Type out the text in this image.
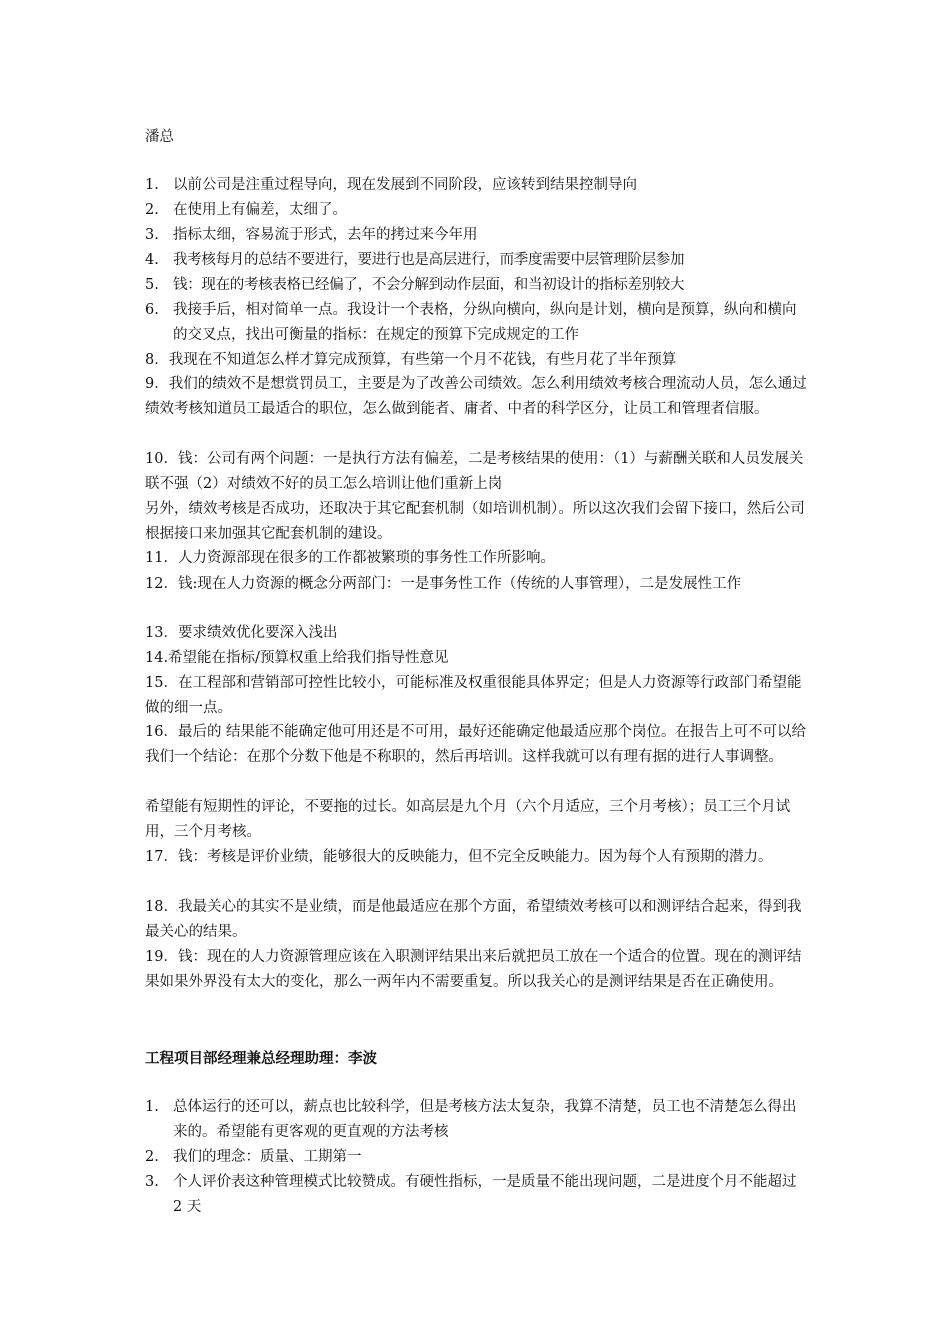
潘总
1. 以前公司是注重过程导向，现在发展到不同阶段，应该转到结果控制导向
2. 在使用上有偏差，太细了。
3. 指标太细，容易流于形式，去年的拷过来今年用
4. 我考核每月的总结不要进行，要进行也是高层进行，而季度需要中层管理阶层参加
5. 钱：现在的考核表格已经偏了，不会分解到动作层面，和当初设计的指标差别较大
6. 我接手后，相对简单一点。我设计一个表格，分纵向横向，纵向是计划，横向是预算，纵向和横向的交叉点，找出可衡量的指标：在规定的预算下完成规定的工作
8．我现在不知道怎么样才算完成预算，有些第一个月不花钱，有些月花了半年预算
9．我们的绩效不是想赏罚员工，主要是为了改善公司绩效。怎么利用绩效考核合理流动人员，怎么通过绩效考核知道员工最适合的职位，怎么做到能者、庸者、中者的科学区分，让员工和管理者信服。
10．钱：公司有两个问题：一是执行方法有偏差，二是考核结果的使用：（1）与薪酬关联和人员发展关联不强（2）对绩效不好的员工怎么培训让他们重新上岗
另外，绩效考核是否成功，还取决于其它配套机制（如培训机制）。所以这次我们会留下接口，然后公司根据接口来加强其它配套机制的建设。
11．人力资源部现在很多的工作都被繁琐的事务性工作所影响。
12．钱:现在人力资源的概念分两部门：一是事务性工作（传统的人事管理），二是发展性工作
13．要求绩效优化要深入浅出
14.希望能在指标/预算权重上给我们指导性意见
15．在工程部和营销部可控性比较小，可能标准及权重很能具体界定；但是人力资源等行政部门希望能做的细一点。
16．最后的 结果能不能确定他可用还是不可用，最好还能确定他最适应那个岗位。在报告上可不可以给我们一个结论：在那个分数下他是不称职的，然后再培训。这样我就可以有理有据的进行人事调整。
希望能有短期性的评论，不要拖的过长。如高层是九个月（六个月适应，三个月考核）；员工三个月试用，三个月考核。
17．钱：考核是评价业绩，能够很大的反映能力，但不完全反映能力。因为每个人有预期的潜力。
18．我最关心的其实不是业绩，而是他最适应在那个方面，希望绩效考核可以和测评结合起来，得到我最关心的结果。
19．钱：现在的人力资源管理应该在入职测评结果出来后就把员工放在一个适合的位置。现在的测评结果如果外界没有太大的变化，那么一两年内不需要重复。所以我关心的是测评结果是否在正确使用。
工程项目部经理兼总经理助理：李波
1. 总体运行的还可以，薪点也比较科学，但是考核方法太复杂，我算不清楚，员工也不清楚怎么得出来的。希望能有更客观的更直观的方法考核
2. 我们的理念：质量、工期第一
3. 个人评价表这种管理模式比较赞成。有硬性指标，一是质量不能出现问题，二是进度个月不能超过 2 天
